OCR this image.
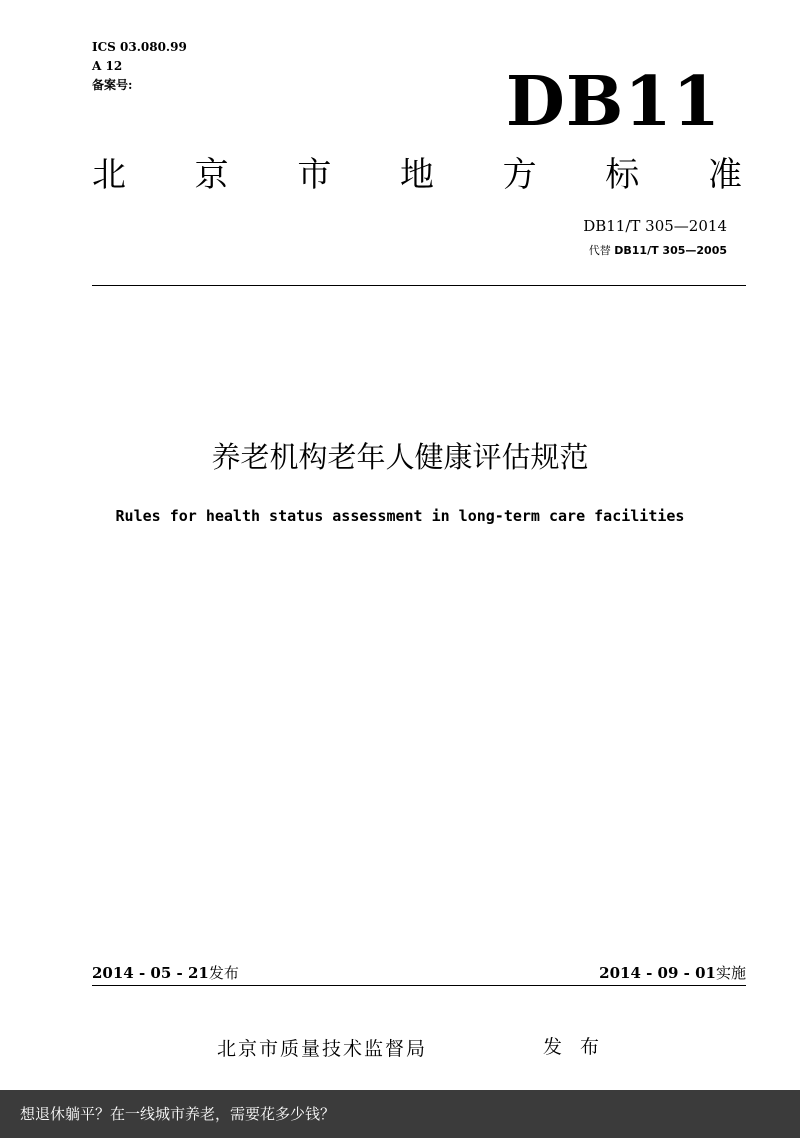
ICS 03.080.99
A 12
备案号:	DB11
北 京 市 地 方 标 准
DB11/T 305—2014
代替 DB11/T 305—2005
养老机构老年人健康评估规范
Rules for health status assessment in long-term care facilities
2014 - 05 - 21发布	2014 - 09 - 01实施
北京市质量技术监督局	发 布
想退休躺平？在一线城市养老，需要花多少钱？
